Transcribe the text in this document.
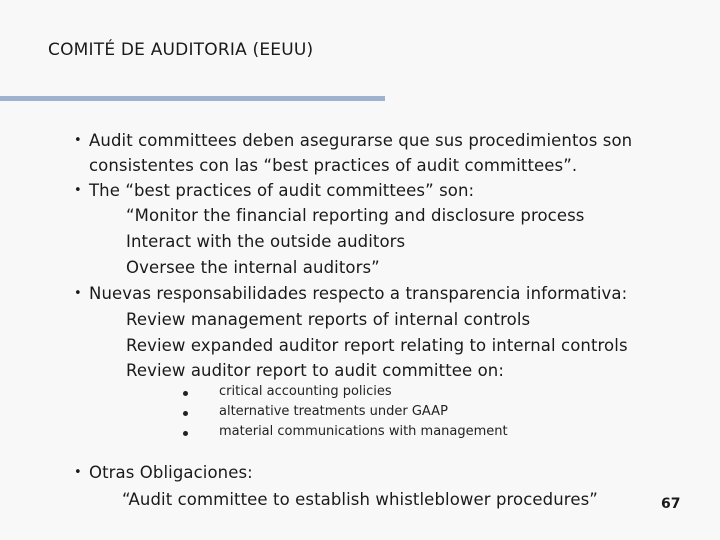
COMITÉ DE AUDITORIA (EEUU)
• Audit committees deben asegurarse que sus procedimientos son
consistentes con las “best practices of audit committees”.
• The “best practices of audit committees” son:
“Monitor the financial reporting and disclosure process
Interact with the outside auditors
Oversee the internal auditors”
• Nuevas responsabilidades respecto a transparencia informativa:
Review management reports of internal controls
Review expanded auditor report relating to internal controls
Review auditor report to audit committee on:
critical accounting policies
alternative treatments under GAAP
material communications with management
• Otras Obligaciones:
“Audit committee to establish whistleblower procedures”	67
